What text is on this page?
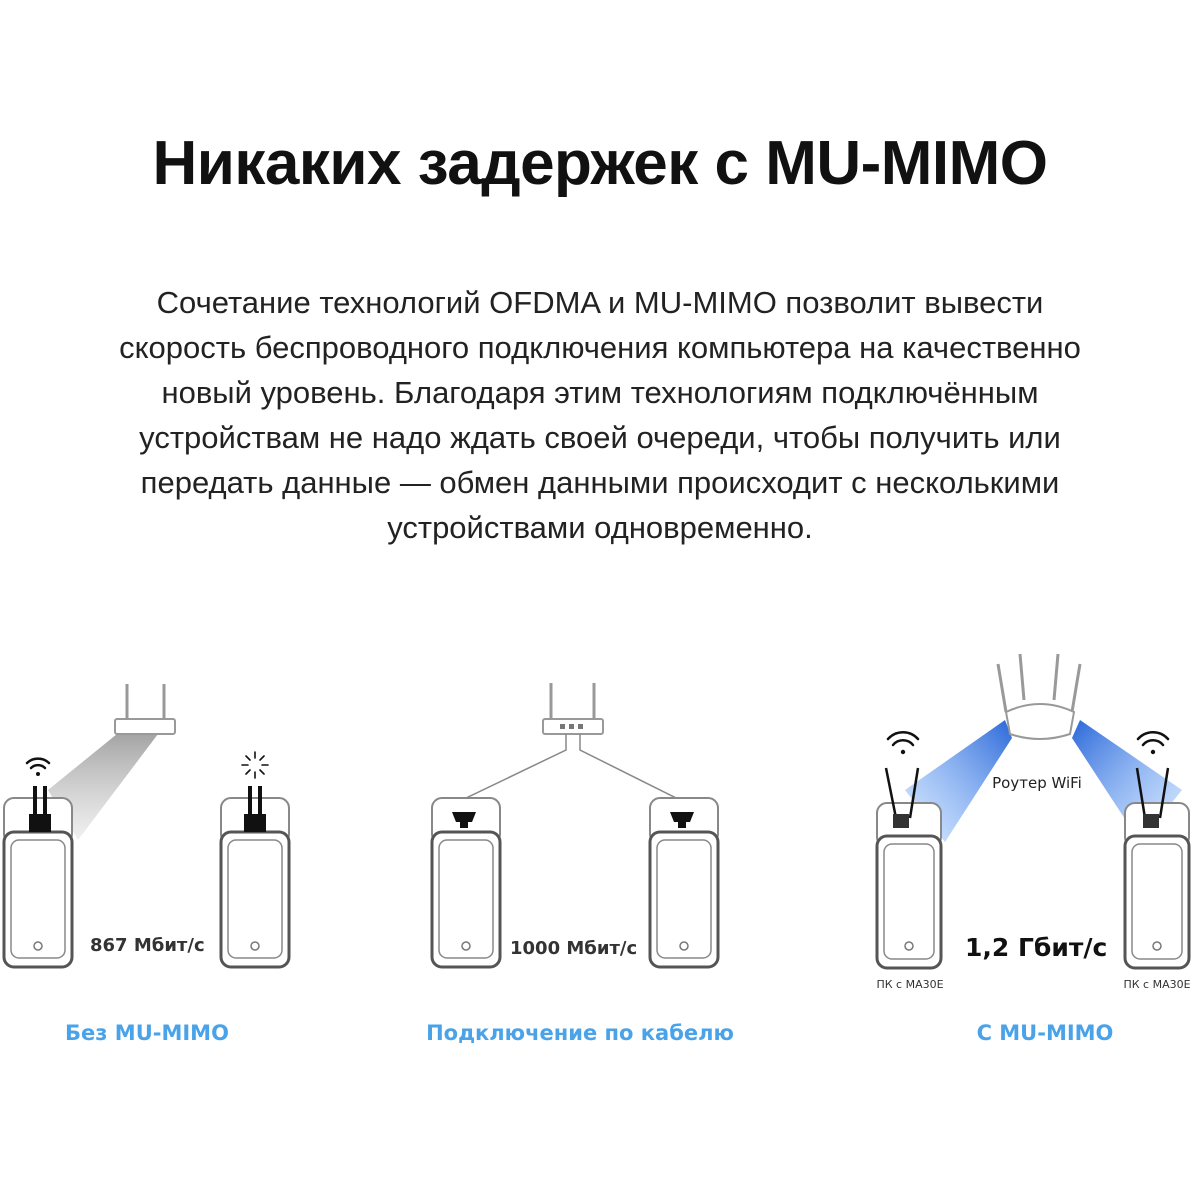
Никаких задержек с MU-MIMO
Сочетание технологий OFDMA и MU-MIMO позволит вывести
скорость беспроводного подключения компьютера на качественно
новый уровень. Благодаря этим технологиям подключённым
устройствам не надо ждать своей очереди, чтобы получить или
передать данные — обмен данными происходит с несколькими
устройствами одновременно.
867 Мбит/с
Без MU-MIMO
1000 Мбит/с
Подключение по кабелю
Роутер WiFi
1,2 Гбит/с
ПК с MA30E	ПК с MA30E
С MU-MIMO
